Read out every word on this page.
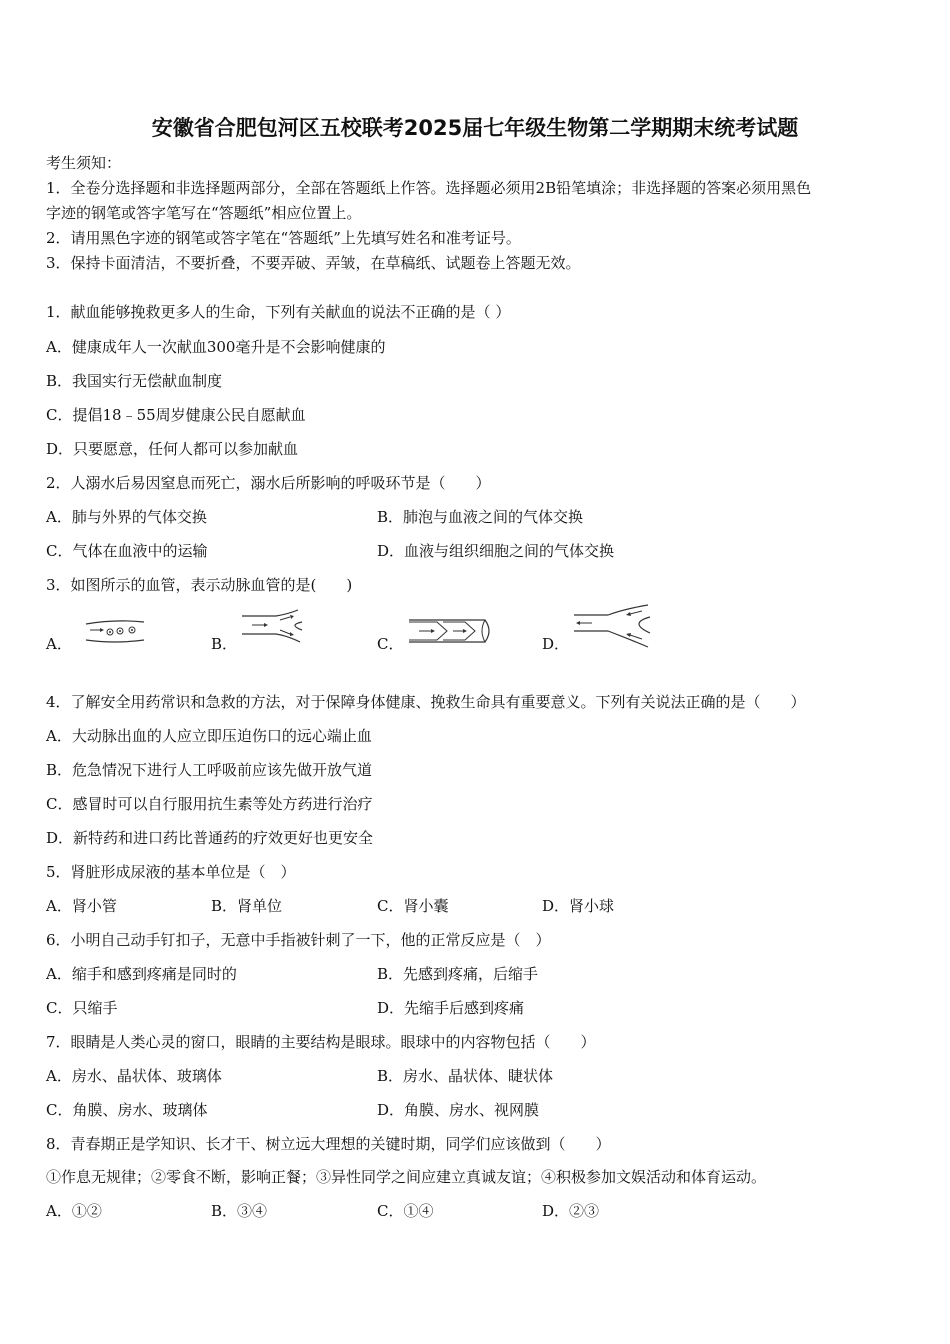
安徽省合肥包河区五校联考2025届七年级生物第二学期期末统考试题
考生须知：
1．全卷分选择题和非选择题两部分，全部在答题纸上作答。选择题必须用2B铅笔填涂；非选择题的答案必须用黑色
字迹的钢笔或答字笔写在“答题纸”相应位置上。
2．请用黑色字迹的钢笔或答字笔在“答题纸”上先填写姓名和准考证号。
3．保持卡面清洁，不要折叠，不要弄破、弄皱，在草稿纸、试题卷上答题无效。
1．献血能够挽救更多人的生命，下列有关献血的说法不正确的是（ ）
A．健康成年人一次献血300毫升是不会影响健康的
B．我国实行无偿献血制度
C．提倡18﹣55周岁健康公民自愿献血
D．只要愿意，任何人都可以参加献血
2．人溺水后易因窒息而死亡，溺水后所影响的呼吸环节是（　　）
A．肺与外界的气体交换	B．肺泡与血液之间的气体交换
C．气体在血液中的运输	D．血液与组织细胞之间的气体交换
3．如图所示的血管，表示动脉血管的是(　　)
A．	B．	C．	D．
4．了解安全用药常识和急救的方法，对于保障身体健康、挽救生命具有重要意义。下列有关说法正确的是（　　）
A．大动脉出血的人应立即压迫伤口的远心端止血
B．危急情况下进行人工呼吸前应该先做开放气道
C．感冒时可以自行服用抗生素等处方药进行治疗
D．新特药和进口药比普通药的疗效更好也更安全
5．肾脏形成尿液的基本单位是（　）
A．肾小管	B．肾单位	C．肾小囊	D．肾小球
6．小明自己动手钉扣子，无意中手指被针刺了一下，他的正常反应是（　）
A．缩手和感到疼痛是同时的	B．先感到疼痛，后缩手
C．只缩手	D．先缩手后感到疼痛
7．眼睛是人类心灵的窗口，眼睛的主要结构是眼球。眼球中的内容物包括（　　）
A．房水、晶状体、玻璃体	B．房水、晶状体、睫状体
C．角膜、房水、玻璃体	D．角膜、房水、视网膜
8．青春期正是学知识、长才干、树立远大理想的关键时期，同学们应该做到（　　）
①作息无规律；②零食不断，影响正餐；③异性同学之间应建立真诚友谊；④积极参加文娱活动和体育运动。
A．①②	B．③④	C．①④	D．②③
